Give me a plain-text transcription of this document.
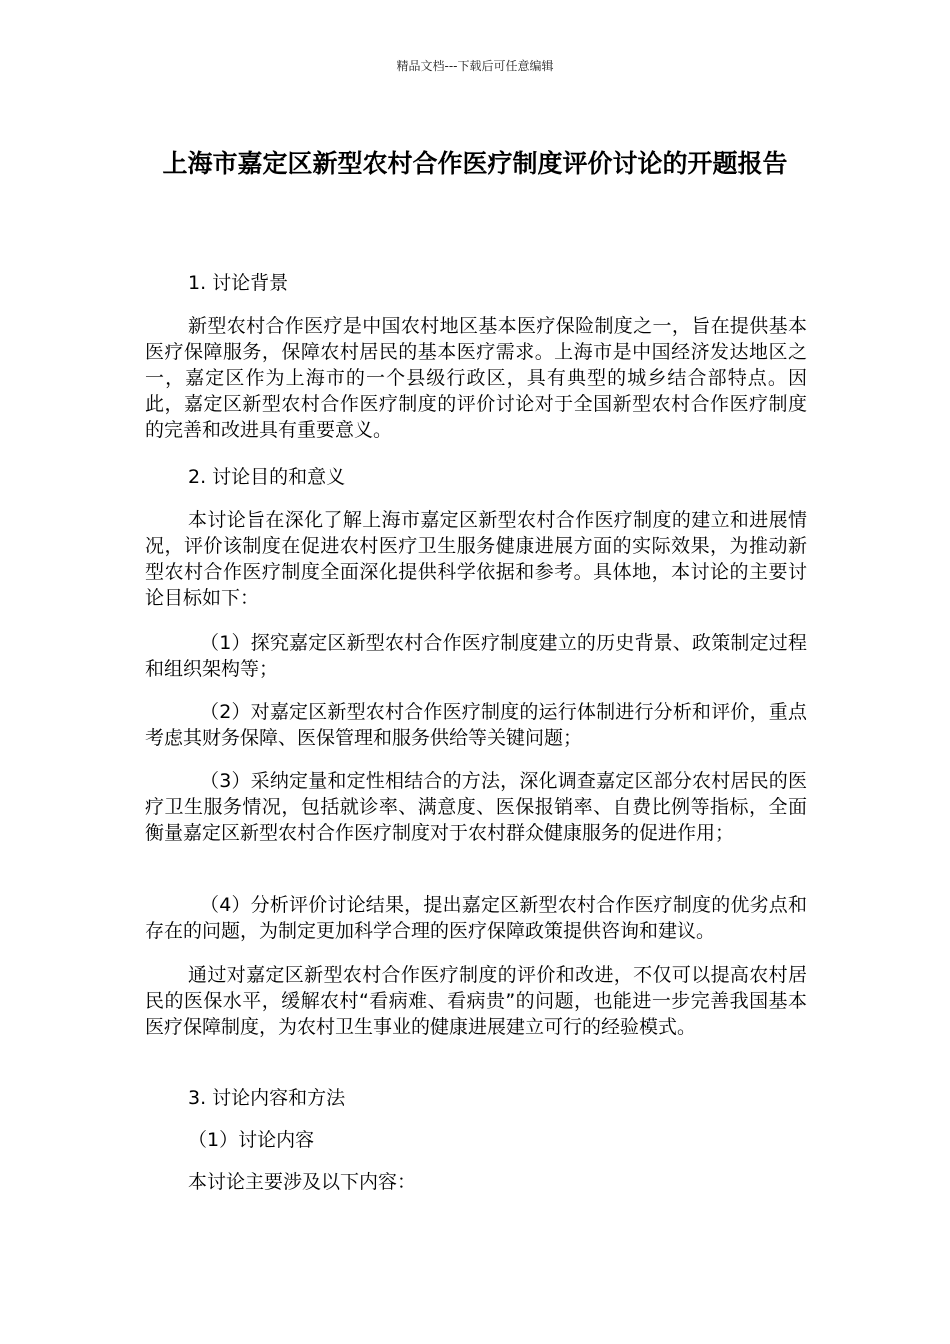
精品文档---下载后可任意编辑
上海市嘉定区新型农村合作医疗制度评价讨论的开题报告

1. 讨论背景

新型农村合作医疗是中国农村地区基本医疗保险制度之一，旨在提供基本医疗保障服务，保障农村居民的基本医疗需求。上海市是中国经济发达地区之一，嘉定区作为上海市的一个县级行政区，具有典型的城乡结合部特点。因此，嘉定区新型农村合作医疗制度的评价讨论对于全国新型农村合作医疗制度的完善和改进具有重要意义。

2. 讨论目的和意义

本讨论旨在深化了解上海市嘉定区新型农村合作医疗制度的建立和进展情况，评价该制度在促进农村医疗卫生服务健康进展方面的实际效果，为推动新型农村合作医疗制度全面深化提供科学依据和参考。具体地，本讨论的主要讨论目标如下：

（1）探究嘉定区新型农村合作医疗制度建立的历史背景、政策制定过程和组织架构等；

（2）对嘉定区新型农村合作医疗制度的运行体制进行分析和评价，重点考虑其财务保障、医保管理和服务供给等关键问题；

（3）采纳定量和定性相结合的方法，深化调查嘉定区部分农村居民的医疗卫生服务情况，包括就诊率、满意度、医保报销率、自费比例等指标，全面衡量嘉定区新型农村合作医疗制度对于农村群众健康服务的促进作用；

（4）分析评价讨论结果，提出嘉定区新型农村合作医疗制度的优劣点和存在的问题，为制定更加科学合理的医疗保障政策提供咨询和建议。

通过对嘉定区新型农村合作医疗制度的评价和改进，不仅可以提高农村居民的医保水平，缓解农村“看病难、看病贵”的问题，也能进一步完善我国基本医疗保障制度，为农村卫生事业的健康进展建立可行的经验模式。

3. 讨论内容和方法

（1）讨论内容

本讨论主要涉及以下内容：
